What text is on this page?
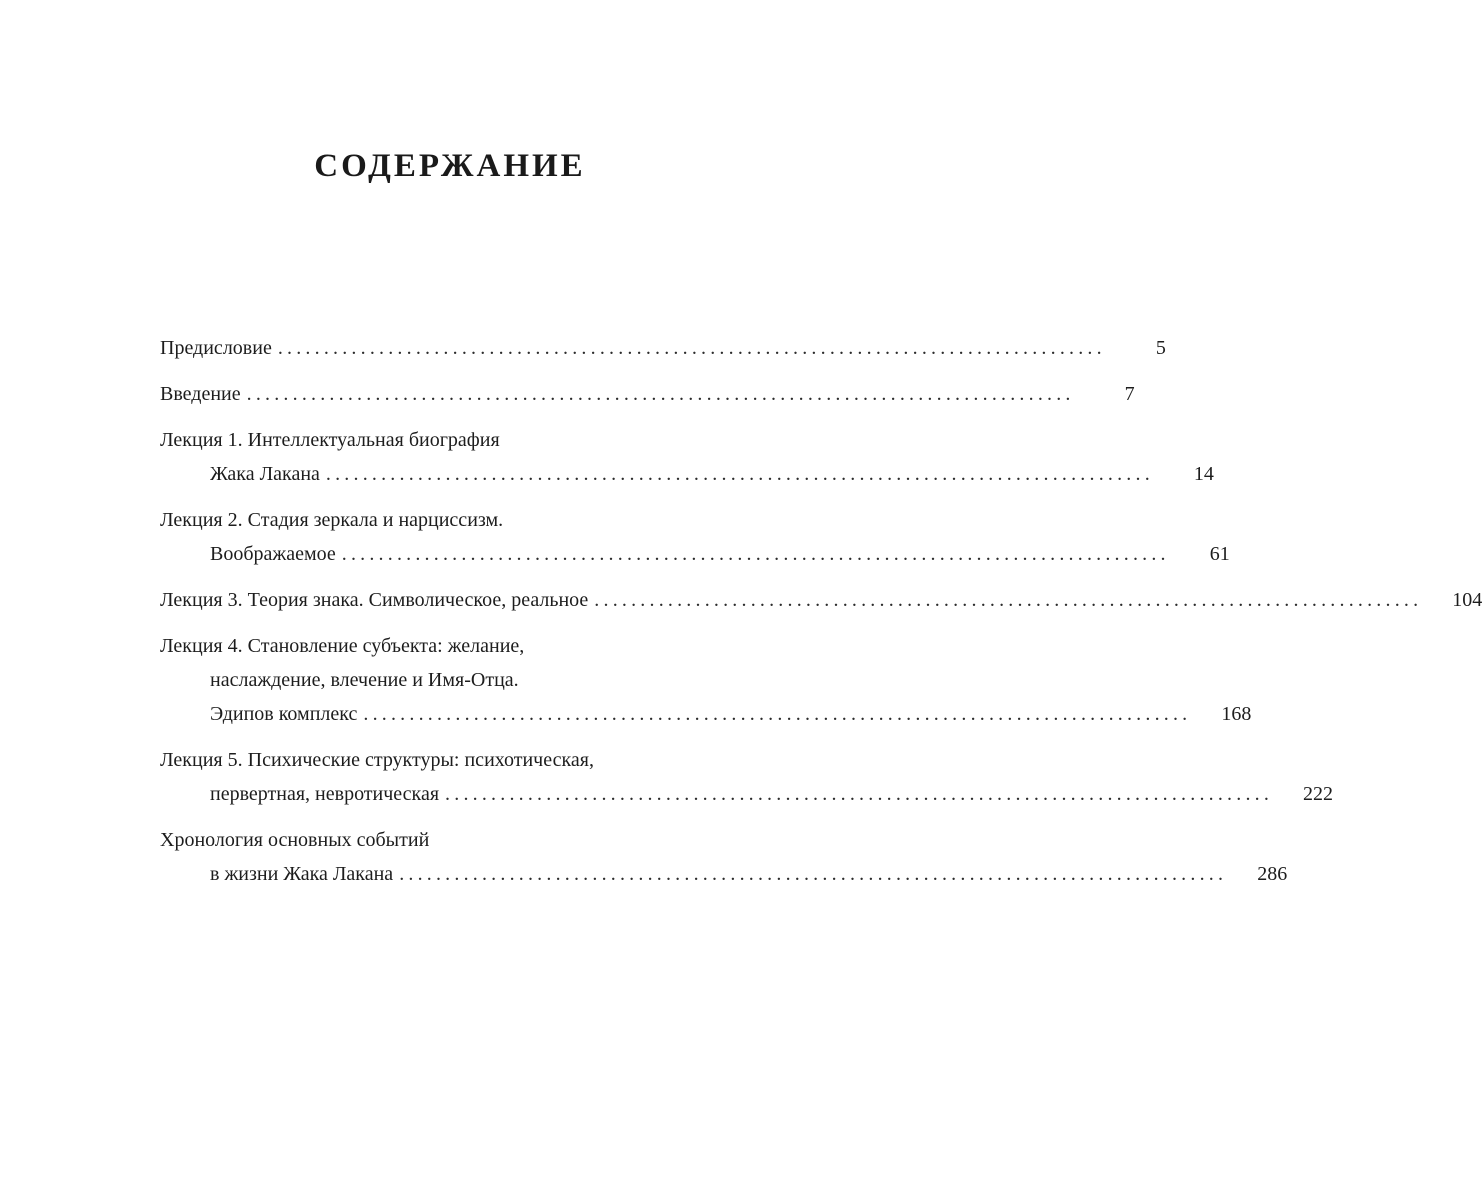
СОДЕРЖАНИЕ
Предисловие ..........................................................................................	5
Введение ..........................................................................................	7
Лекция 1. Интеллектуальная биография
Жака Лакана ..........................................................................................	14
Лекция 2. Стадия зеркала и нарциссизм.
Воображаемое ..........................................................................................	61
Лекция 3. Теория знака. Символическое, реальное ..........................................................................................	104
Лекция 4. Становление субъекта: желание,
наслаждение, влечение и Имя-Отца.
Эдипов комплекс ..........................................................................................	168
Лекция 5. Психические структуры: психотическая,
первертная, невротическая ..........................................................................................	222
Хронология основных событий
в жизни Жака Лакана ..........................................................................................	286
